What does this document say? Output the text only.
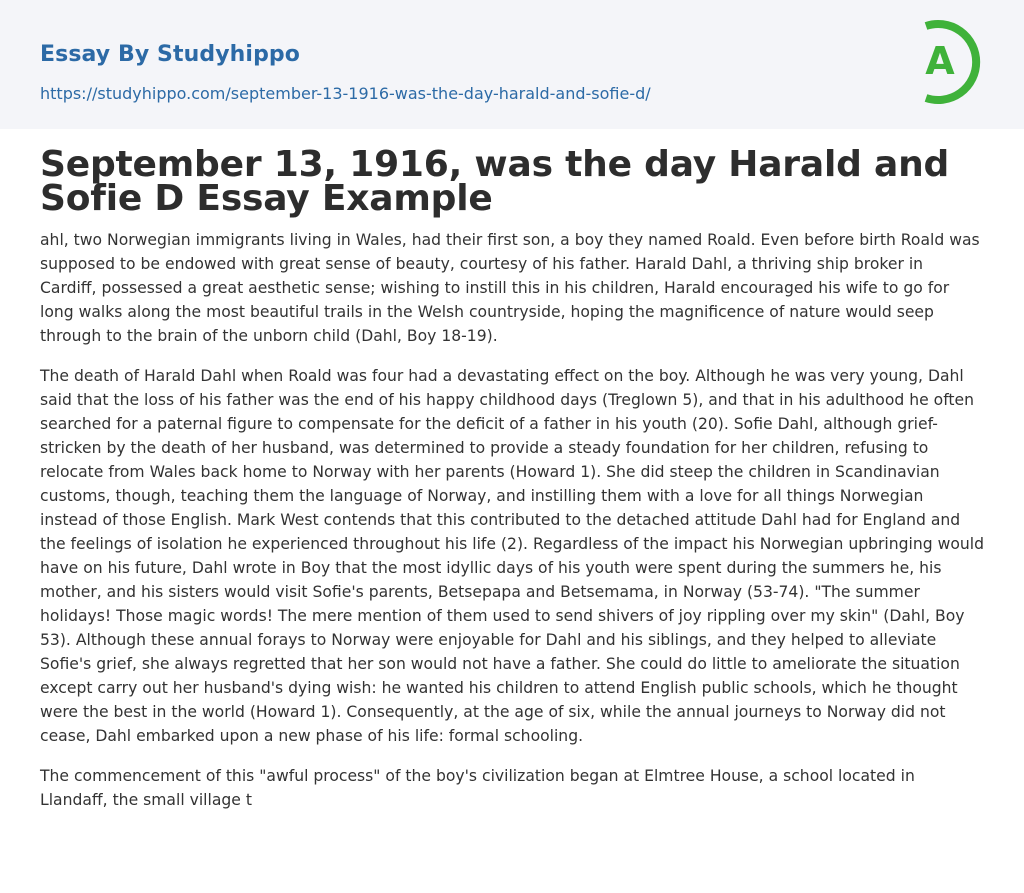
Essay By Studyhippo
https://studyhippo.com/september-13-1916-was-the-day-harald-and-sofie-d/
A
September 13, 1916, was the day Harald and Sofie D Essay Example

ahl, two Norwegian immigrants living in Wales, had their first son, a boy they named Roald. Even before birth Roald was supposed to be endowed with great sense of beauty, courtesy of his father. Harald Dahl, a thriving ship broker in Cardiff, possessed a great aesthetic sense; wishing to instill this in his children, Harald encouraged his wife to go for long walks along the most beautiful trails in the Welsh countryside, hoping the magnificence of nature would seep through to the brain of the unborn child (Dahl, Boy 18-19).

The death of Harald Dahl when Roald was four had a devastating effect on the boy. Although he was very young, Dahl said that the loss of his father was the end of his happy childhood days (Treglown 5), and that in his adulthood he often searched for a paternal figure to compensate for the deficit of a father in his youth (20). Sofie Dahl, although grief-stricken by the death of her husband, was determined to provide a steady foundation for her children, refusing to relocate from Wales back home to Norway with her parents (Howard 1). She did steep the children in Scandinavian customs, though, teaching them the language of Norway, and instilling them with a love for all things Norwegian instead of those English. Mark West contends that this contributed to the detached attitude Dahl had for England and the feelings of isolation he experienced throughout his life (2). Regardless of the impact his Norwegian upbringing would have on his future, Dahl wrote in Boy that the most idyllic days of his youth were spent during the summers he, his mother, and his sisters would visit Sofie's parents, Betsepapa and Betsemama, in Norway (53-74). "The summer holidays! Those magic words! The mere mention of them used to send shivers of joy rippling over my skin" (Dahl, Boy 53). Although these annual forays to Norway were enjoyable for Dahl and his siblings, and they helped to alleviate Sofie's grief, she always regretted that her son would not have a father. She could do little to ameliorate the situation except carry out her husband's dying wish: he wanted his children to attend English public schools, which he thought were the best in the world (Howard 1). Consequently, at the age of six, while the annual journeys to Norway did not cease, Dahl embarked upon a new phase of his life: formal schooling.

The commencement of this "awful process" of the boy's civilization began at Elmtree House, a school located in Llandaff, the small village t
